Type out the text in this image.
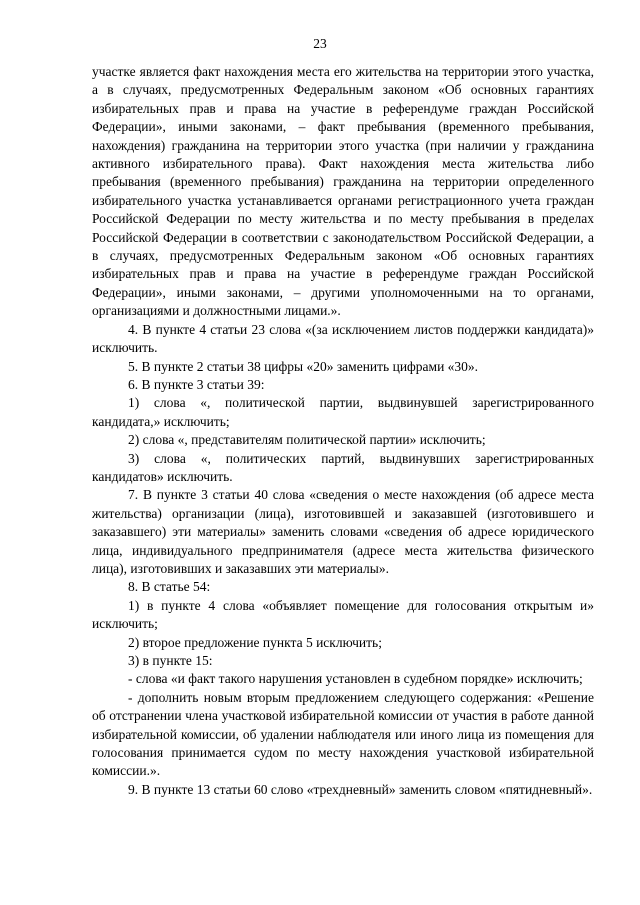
23

участке является факт нахождения места его жительства на территории этого участка, а в случаях, предусмотренных Федеральным законом «Об основных гарантиях избирательных прав и права на участие в референдуме граждан Российской Федерации», иными законами, – факт пребывания (временного пребывания, нахождения) гражданина на территории этого участка (при наличии у гражданина активного избирательного права). Факт нахождения места жительства либо пребывания (временного пребывания) гражданина на территории определенного избирательного участка устанавливается органами регистрационного учета граждан Российской Федерации по месту жительства и по месту пребывания в пределах Российской Федерации в соответствии с законодательством Российской Федерации, а в случаях, предусмотренных Федеральным законом «Об основных гарантиях избирательных прав и права на участие в референдуме граждан Российской Федерации», иными законами, – другими уполномоченными на то органами, организациями и должностными лицами.».

4. В пункте 4 статьи 23 слова «(за исключением листов поддержки кандидата)» исключить.

5. В пункте 2 статьи 38 цифры «20» заменить цифрами «30».

6. В пункте 3 статьи 39:

1) слова «, политической партии, выдвинувшей зарегистрированного кандидата,» исключить;

2) слова «, представителям политической партии» исключить;

3) слова «, политических партий, выдвинувших зарегистрированных кандидатов» исключить.

7. В пункте 3 статьи 40 слова «сведения о месте нахождения (об адресе места жительства) организации (лица), изготовившей и заказавшей (изготовившего и заказавшего) эти материалы» заменить словами «сведения об адресе юридического лица, индивидуального предпринимателя (адресе места жительства физического лица), изготовивших и заказавших эти материалы».

8. В статье 54:

1) в пункте 4 слова «объявляет помещение для голосования открытым и» исключить;

2) второе предложение пункта 5 исключить;

3) в пункте 15:

- слова «и факт такого нарушения установлен в судебном порядке» исключить;

- дополнить новым вторым предложением следующего содержания: «Решение об отстранении члена участковой избирательной комиссии от участия в работе данной избирательной комиссии, об удалении наблюдателя или иного лица из помещения для голосования принимается судом по месту нахождения участковой избирательной комиссии.».

9. В пункте 13 статьи 60 слово «трехдневный» заменить словом «пятидневный».
